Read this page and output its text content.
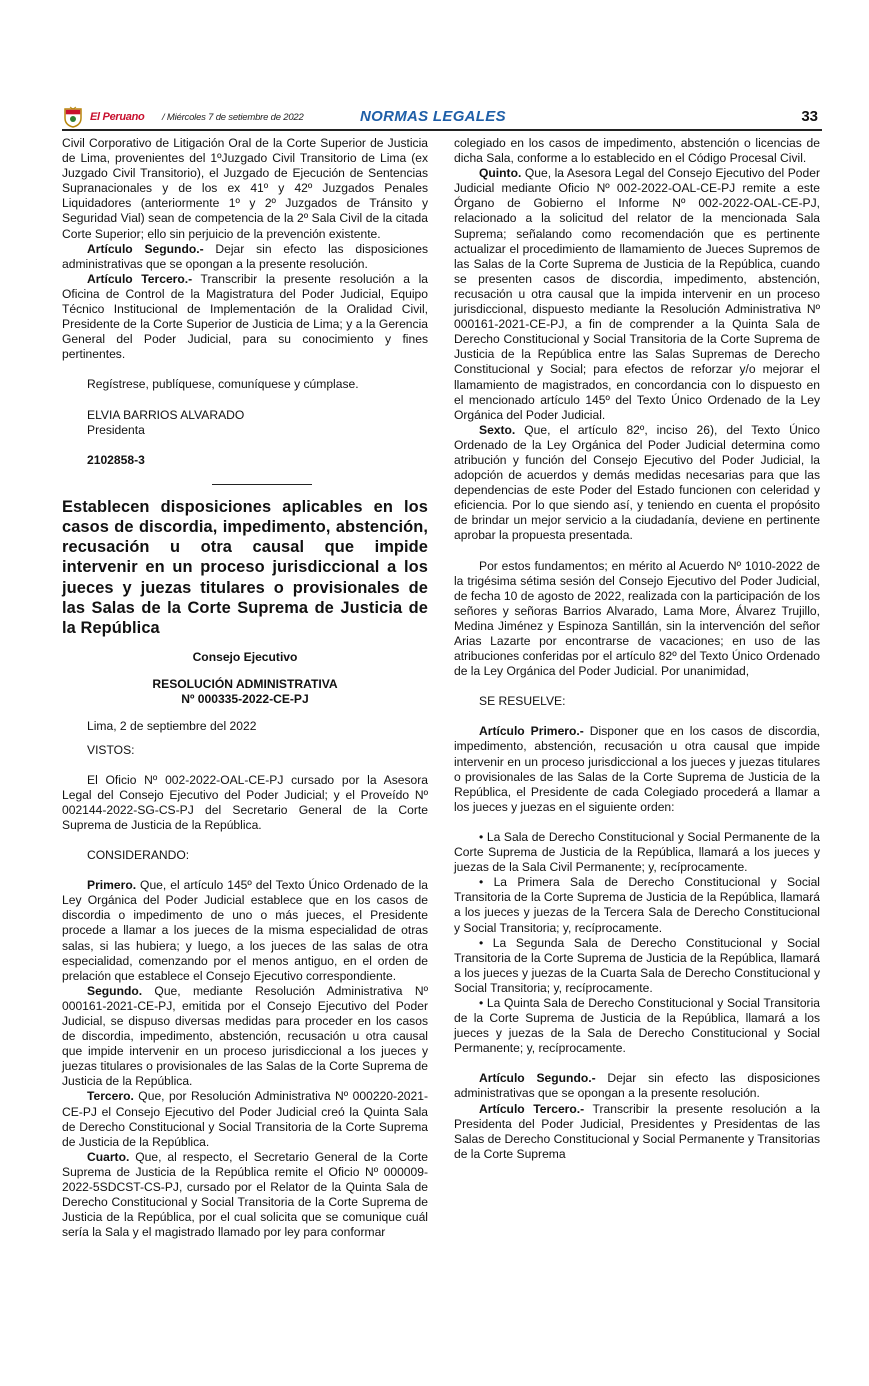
El Peruano / Miércoles 7 de setiembre de 2022	NORMAS LEGALES	33

Civil Corporativo de Litigación Oral de la Corte Superior de Justicia de Lima, provenientes del 1ºJuzgado Civil Transitorio de Lima (ex Juzgado Civil Transitorio), el Juzgado de Ejecución de Sentencias Supranacionales y de los ex 41º y 42º Juzgados Penales Liquidadores (anteriormente 1º y 2º Juzgados de Tránsito y Seguridad Vial) sean de competencia de la 2º Sala Civil de la citada Corte Superior; ello sin perjuicio de la prevención existente.

Artículo Segundo.- Dejar sin efecto las disposiciones administrativas que se opongan a la presente resolución.

Artículo Tercero.- Transcribir la presente resolución a la Oficina de Control de la Magistratura del Poder Judicial, Equipo Técnico Institucional de Implementación de la Oralidad Civil, Presidente de la Corte Superior de Justicia de Lima; y a la Gerencia General del Poder Judicial, para su conocimiento y fines pertinentes.

Regístrese, publíquese, comuníquese y cúmplase.

ELVIA BARRIOS ALVARADO

Presidenta

2102858-3

Establecen disposiciones aplicables en los casos de discordia, impedimento, abstención, recusación u otra causal que impide intervenir en un proceso jurisdiccional a los jueces y juezas titulares o provisionales de las Salas de la Corte Suprema de Justicia de la República

Consejo Ejecutivo

RESOLUCIÓN ADMINISTRATIVA

Nº 000335-2022-CE-PJ

Lima, 2 de septiembre del 2022

VISTOS:

El Oficio Nº 002-2022-OAL-CE-PJ cursado por la Asesora Legal del Consejo Ejecutivo del Poder Judicial; y el Proveído Nº 002144-2022-SG-CS-PJ del Secretario General de la Corte Suprema de Justicia de la República.

CONSIDERANDO:

Primero. Que, el artículo 145º del Texto Único Ordenado de la Ley Orgánica del Poder Judicial establece que en los casos de discordia o impedimento de uno o más jueces, el Presidente procede a llamar a los jueces de la misma especialidad de otras salas, si las hubiera; y luego, a los jueces de las salas de otra especialidad, comenzando por el menos antiguo, en el orden de prelación que establece el Consejo Ejecutivo correspondiente.

Segundo. Que, mediante Resolución Administrativa Nº 000161-2021-CE-PJ, emitida por el Consejo Ejecutivo del Poder Judicial, se dispuso diversas medidas para proceder en los casos de discordia, impedimento, abstención, recusación u otra causal que impide intervenir en un proceso jurisdiccional a los jueces y juezas titulares o provisionales de las Salas de la Corte Suprema de Justicia de la República.

Tercero. Que, por Resolución Administrativa Nº 000220-2021-CE-PJ el Consejo Ejecutivo del Poder Judicial creó la Quinta Sala de Derecho Constitucional y Social Transitoria de la Corte Suprema de Justicia de la República.

Cuarto. Que, al respecto, el Secretario General de la Corte Suprema de Justicia de la República remite el Oficio Nº 000009-2022-5SDCST-CS-PJ, cursado por el Relator de la Quinta Sala de Derecho Constitucional y Social Transitoria de la Corte Suprema de Justicia de la República, por el cual solicita que se comunique cuál sería la Sala y el magistrado llamado por ley para conformar

colegiado en los casos de impedimento, abstención o licencias de dicha Sala, conforme a lo establecido en el Código Procesal Civil.

Quinto. Que, la Asesora Legal del Consejo Ejecutivo del Poder Judicial mediante Oficio Nº 002-2022-OAL-CE-PJ remite a este Órgano de Gobierno el Informe Nº 002-2022-OAL-CE-PJ, relacionado a la solicitud del relator de la mencionada Sala Suprema; señalando como recomendación que es pertinente actualizar el procedimiento de llamamiento de Jueces Supremos de las Salas de la Corte Suprema de Justicia de la República, cuando se presenten casos de discordia, impedimento, abstención, recusación u otra causal que la impida intervenir en un proceso jurisdiccional, dispuesto mediante la Resolución Administrativa Nº 000161-2021-CE-PJ, a fin de comprender a la Quinta Sala de Derecho Constitucional y Social Transitoria de la Corte Suprema de Justicia de la República entre las Salas Supremas de Derecho Constitucional y Social; para efectos de reforzar y/o mejorar el llamamiento de magistrados, en concordancia con lo dispuesto en el mencionado artículo 145º del Texto Único Ordenado de la Ley Orgánica del Poder Judicial.

Sexto. Que, el artículo 82º, inciso 26), del Texto Único Ordenado de la Ley Orgánica del Poder Judicial determina como atribución y función del Consejo Ejecutivo del Poder Judicial, la adopción de acuerdos y demás medidas necesarias para que las dependencias de este Poder del Estado funcionen con celeridad y eficiencia. Por lo que siendo así, y teniendo en cuenta el propósito de brindar un mejor servicio a la ciudadanía, deviene en pertinente aprobar la propuesta presentada.

Por estos fundamentos; en mérito al Acuerdo Nº 1010-2022 de la trigésima sétima sesión del Consejo Ejecutivo del Poder Judicial, de fecha 10 de agosto de 2022, realizada con la participación de los señores y señoras Barrios Alvarado, Lama More, Álvarez Trujillo, Medina Jiménez y Espinoza Santillán, sin la intervención del señor Arias Lazarte por encontrarse de vacaciones; en uso de las atribuciones conferidas por el artículo 82º del Texto Único Ordenado de la Ley Orgánica del Poder Judicial. Por unanimidad,

SE RESUELVE:

Artículo Primero.- Disponer que en los casos de discordia, impedimento, abstención, recusación u otra causal que impide intervenir en un proceso jurisdiccional a los jueces y juezas titulares o provisionales de las Salas de la Corte Suprema de Justicia de la República, el Presidente de cada Colegiado procederá a llamar a los jueces y juezas en el siguiente orden:

• La Sala de Derecho Constitucional y Social Permanente de la Corte Suprema de Justicia de la República, llamará a los jueces y juezas de la Sala Civil Permanente; y, recíprocamente.

• La Primera Sala de Derecho Constitucional y Social Transitoria de la Corte Suprema de Justicia de la República, llamará a los jueces y juezas de la Tercera Sala de Derecho Constitucional y Social Transitoria; y, recíprocamente.

• La Segunda Sala de Derecho Constitucional y Social Transitoria de la Corte Suprema de Justicia de la República, llamará a los jueces y juezas de la Cuarta Sala de Derecho Constitucional y Social Transitoria; y, recíprocamente.

• La Quinta Sala de Derecho Constitucional y Social Transitoria de la Corte Suprema de Justicia de la República, llamará a los jueces y juezas de la Sala de Derecho Constitucional y Social Permanente; y, recíprocamente.

Artículo Segundo.- Dejar sin efecto las disposiciones administrativas que se opongan a la presente resolución.

Artículo Tercero.- Transcribir la presente resolución a la Presidenta del Poder Judicial, Presidentes y Presidentas de las Salas de Derecho Constitucional y Social Permanente y Transitorias de la Corte Suprema
